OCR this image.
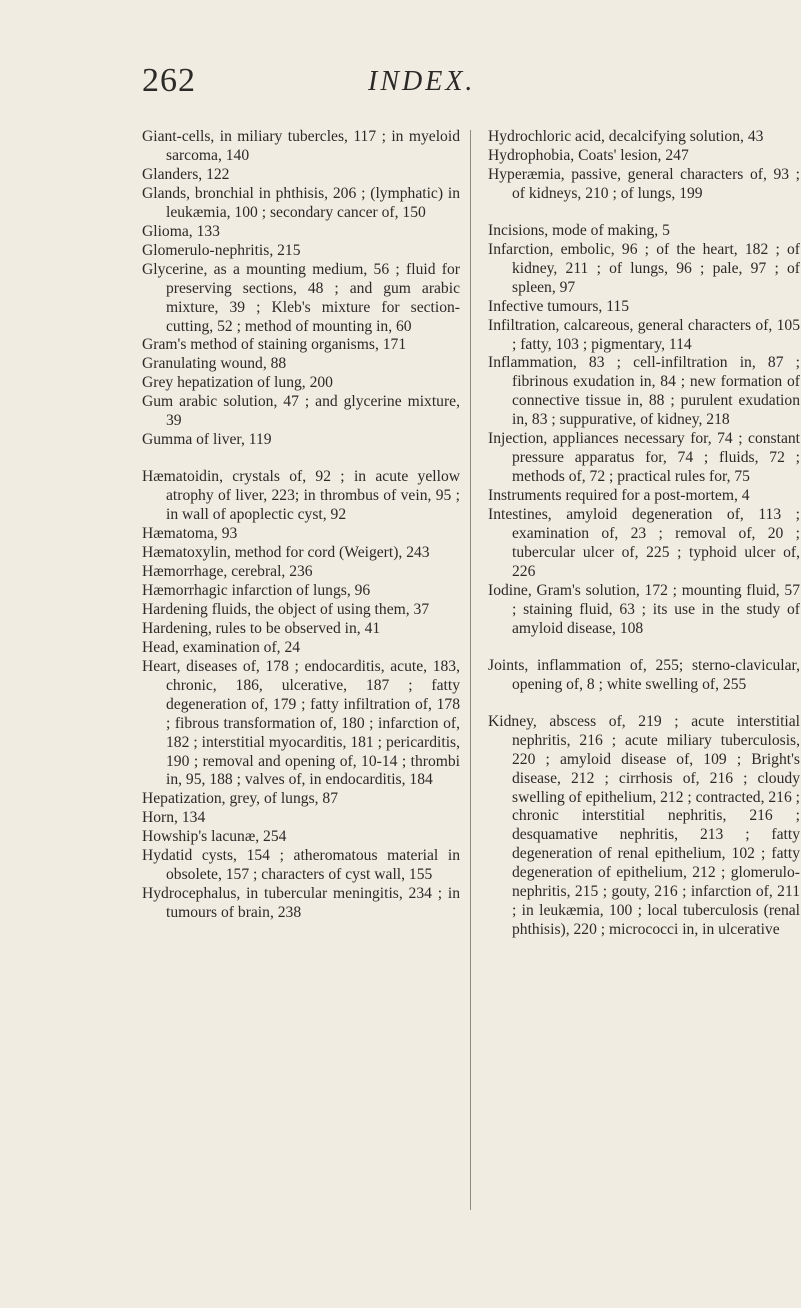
262	INDEX.
Giant-cells, in miliary tubercles, 117 ; in myeloid sarcoma, 140
Glanders, 122
Glands, bronchial in phthisis, 206 ; (lymphatic) in leukæmia, 100 ; secondary cancer of, 150
Glioma, 133
Glomerulo-nephritis, 215
Glycerine, as a mounting medium, 56 ; fluid for preserving sections, 48 ; and gum arabic mixture, 39 ; Kleb's mixture for section-cutting, 52 ; method of mounting in, 60
Gram's method of staining organisms, 171
Granulating wound, 88
Grey hepatization of lung, 200
Gum arabic solution, 47 ; and glycerine mixture, 39
Gumma of liver, 119
Hæmatoidin, crystals of, 92 ; in acute yellow atrophy of liver, 223; in thrombus of vein, 95 ; in wall of apoplectic cyst, 92
Hæmatoma, 93
Hæmatoxylin, method for cord (Weigert), 243
Hæmorrhage, cerebral, 236
Hæmorrhagic infarction of lungs, 96
Hardening fluids, the object of using them, 37
Hardening, rules to be observed in, 41
Head, examination of, 24
Heart, diseases of, 178 ; endocarditis, acute, 183, chronic, 186, ulcerative, 187 ; fatty degeneration of, 179 ; fatty infiltration of, 178 ; fibrous transformation of, 180 ; infarction of, 182 ; interstitial myocarditis, 181 ; pericarditis, 190 ; removal and opening of, 10-14 ; thrombi in, 95, 188 ; valves of, in endocarditis, 184
Hepatization, grey, of lungs, 87
Horn, 134
Howship's lacunæ, 254
Hydatid cysts, 154 ; atheromatous material in obsolete, 157 ; characters of cyst wall, 155
Hydrocephalus, in tubercular meningitis, 234 ; in tumours of brain, 238
Hydrochloric acid, decalcifying solution, 43
Hydrophobia, Coats' lesion, 247
Hyperæmia, passive, general characters of, 93 ; of kidneys, 210 ; of lungs, 199
Incisions, mode of making, 5
Infarction, embolic, 96 ; of the heart, 182 ; of kidney, 211 ; of lungs, 96 ; pale, 97 ; of spleen, 97
Infective tumours, 115
Infiltration, calcareous, general characters of, 105 ; fatty, 103 ; pigmentary, 114
Inflammation, 83 ; cell-infiltration in, 87 ; fibrinous exudation in, 84 ; new formation of connective tissue in, 88 ; purulent exudation in, 83 ; suppurative, of kidney, 218
Injection, appliances necessary for, 74 ; constant pressure apparatus for, 74 ; fluids, 72 ; methods of, 72 ; practical rules for, 75
Instruments required for a post-mortem, 4
Intestines, amyloid degeneration of, 113 ; examination of, 23 ; removal of, 20 ; tubercular ulcer of, 225 ; typhoid ulcer of, 226
Iodine, Gram's solution, 172 ; mounting fluid, 57 ; staining fluid, 63 ; its use in the study of amyloid disease, 108
Joints, inflammation of, 255; sterno-clavicular, opening of, 8 ; white swelling of, 255
Kidney, abscess of, 219 ; acute interstitial nephritis, 216 ; acute miliary tuberculosis, 220 ; amyloid disease of, 109 ; Bright's disease, 212 ; cirrhosis of, 216 ; cloudy swelling of epithelium, 212 ; contracted, 216 ; chronic interstitial nephritis, 216 ; desquamative nephritis, 213 ; fatty degeneration of renal epithelium, 102 ; fatty degeneration of epithelium, 212 ; glomerulo-nephritis, 215 ; gouty, 216 ; infarction of, 211 ; in leukæmia, 100 ; local tuberculosis (renal phthisis), 220 ; micrococci in, in ulcerative
